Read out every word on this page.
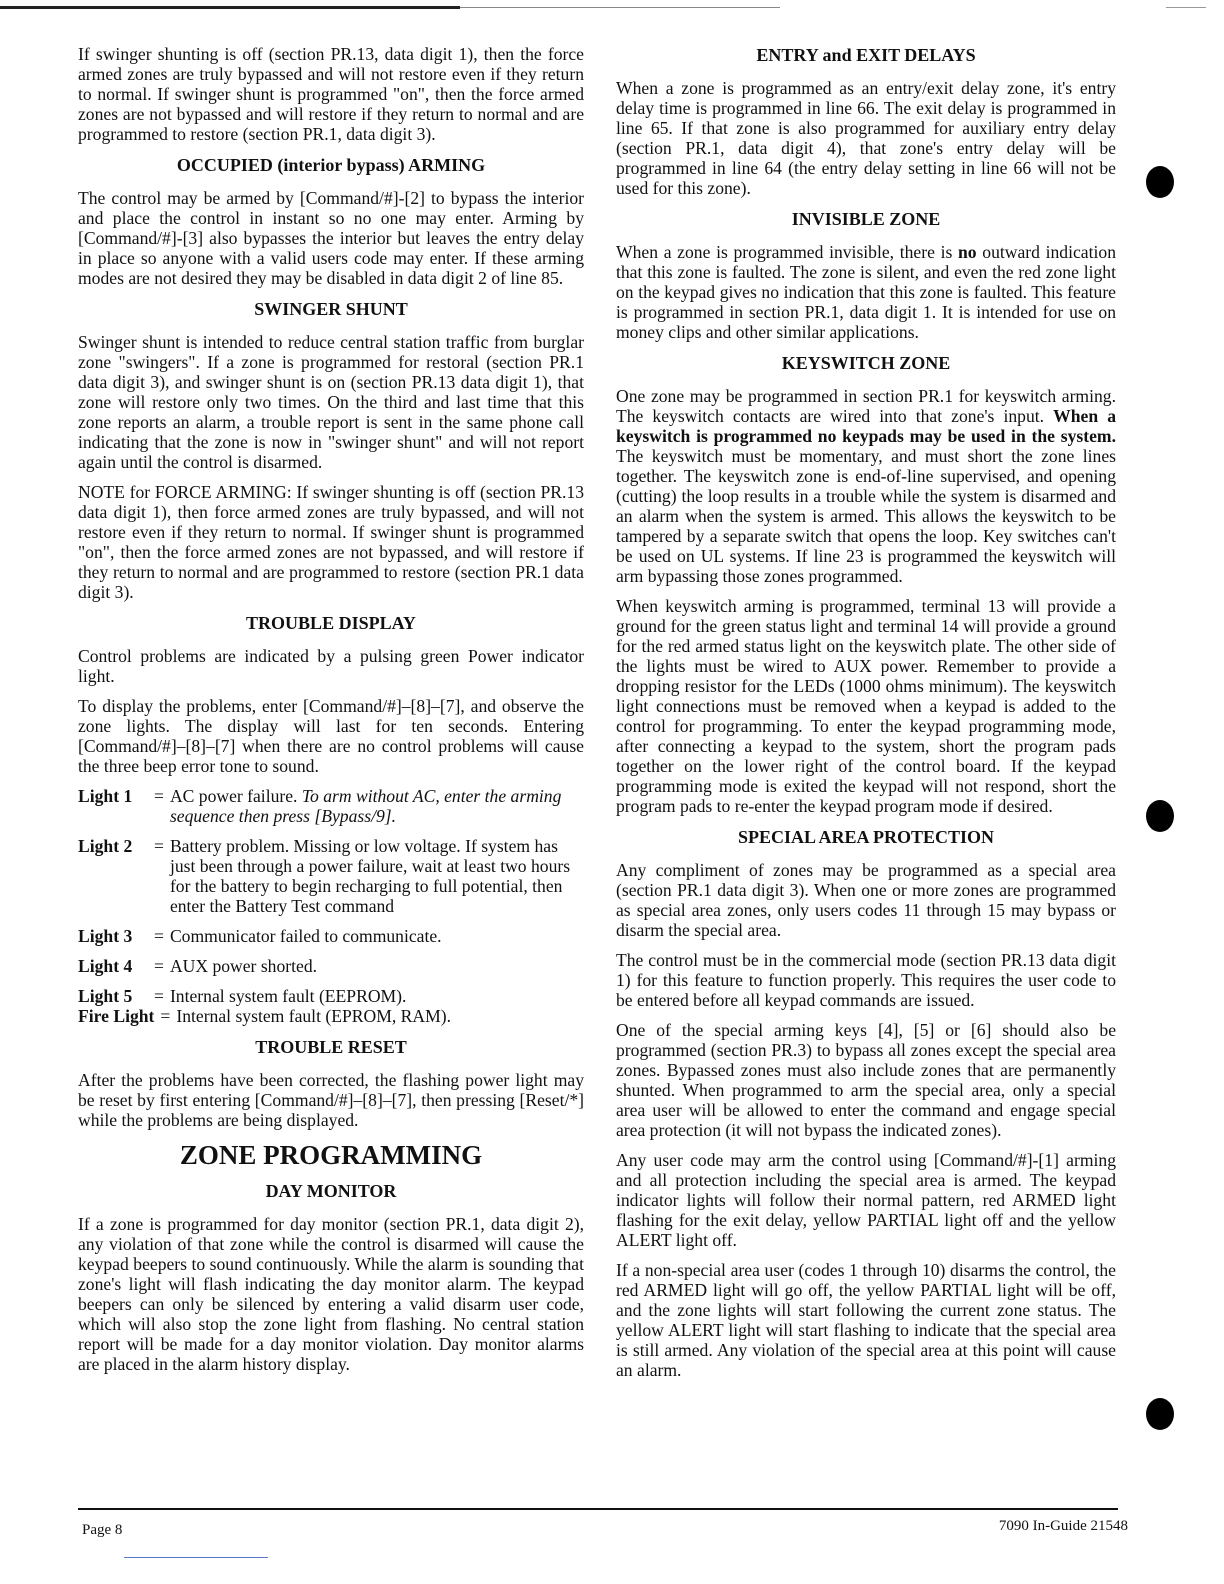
If swinger shunting is off (section PR.13, data digit 1), then the force armed zones are truly bypassed and will not restore even if they return to normal. If swinger shunt is programmed "on", then the force armed zones are not bypassed and will restore if they return to normal and are programmed to restore (section PR.1, data digit 3).

OCCUPIED (interior bypass) ARMING

The control may be armed by [Command/#]-[2] to bypass the interior and place the control in instant so no one may enter. Arming by [Command/#]-[3] also bypasses the interior but leaves the entry delay in place so anyone with a valid users code may enter. If these arming modes are not desired they may be disabled in data digit 2 of line 85.

SWINGER SHUNT

Swinger shunt is intended to reduce central station traffic from burglar zone "swingers". If a zone is programmed for restoral (section PR.1 data digit 3), and swinger shunt is on (section PR.13 data digit 1), that zone will restore only two times. On the third and last time that this zone reports an alarm, a trouble report is sent in the same phone call indicating that the zone is now in "swinger shunt" and will not report again until the control is disarmed.

NOTE for FORCE ARMING: If swinger shunting is off (section PR.13 data digit 1), then force armed zones are truly bypassed, and will not restore even if they return to normal. If swinger shunt is programmed "on", then the force armed zones are not bypassed, and will restore if they return to normal and are programmed to restore (section PR.1 data digit 3).

TROUBLE DISPLAY

Control problems are indicated by a pulsing green Power indicator light.

To display the problems, enter [Command/#]–[8]–[7], and observe the zone lights. The display will last for ten seconds. Entering [Command/#]–[8]–[7] when there are no control problems will cause the three beep error tone to sound.

Light 1	= AC power failure. To arm without AC, enter the arming sequence then press [Bypass/9].
Light 2	= Battery problem. Missing or low voltage. If system has just been through a power failure, wait at least two hours for the battery to begin recharging to full potential, then enter the Battery Test command
Light 3	= Communicator failed to communicate.
Light 4	= AUX power shorted.
Light 5	= Internal system fault (EEPROM).
Fire Light = Internal system fault (EPROM, RAM).
TROUBLE RESET

After the problems have been corrected, the flashing power light may be reset by first entering [Command/#]–[8]–[7], then pressing [Reset/*] while the problems are being displayed.

ZONE PROGRAMMING
DAY MONITOR

If a zone is programmed for day monitor (section PR.1, data digit 2), any violation of that zone while the control is disarmed will cause the keypad beepers to sound continuously. While the alarm is sounding that zone's light will flash indicating the day monitor alarm. The keypad beepers can only be silenced by entering a valid disarm user code, which will also stop the zone light from flashing. No central station report will be made for a day monitor violation. Day monitor alarms are placed in the alarm history display.

ENTRY and EXIT DELAYS

When a zone is programmed as an entry/exit delay zone, it's entry delay time is programmed in line 66. The exit delay is programmed in line 65. If that zone is also programmed for auxiliary entry delay (section PR.1, data digit 4), that zone's entry delay will be programmed in line 64 (the entry delay setting in line 66 will not be used for this zone).

INVISIBLE ZONE

When a zone is programmed invisible, there is no outward indication that this zone is faulted. The zone is silent, and even the red zone light on the keypad gives no indication that this zone is faulted. This feature is programmed in section PR.1, data digit 1. It is intended for use on money clips and other similar applications.

KEYSWITCH ZONE

One zone may be programmed in section PR.1 for keyswitch arming. The keyswitch contacts are wired into that zone's input. When a keyswitch is programmed no keypads may be used in the system. The keyswitch must be momentary, and must short the zone lines together. The keyswitch zone is end-of-line supervised, and opening (cutting) the loop results in a trouble while the system is disarmed and an alarm when the system is armed. This allows the keyswitch to be tampered by a separate switch that opens the loop. Key switches can't be used on UL systems. If line 23 is programmed the keyswitch will arm bypassing those zones programmed.

When keyswitch arming is programmed, terminal 13 will provide a ground for the green status light and terminal 14 will provide a ground for the red armed status light on the keyswitch plate. The other side of the lights must be wired to AUX power. Remember to provide a dropping resistor for the LEDs (1000 ohms minimum). The keyswitch light connections must be removed when a keypad is added to the control for programming. To enter the keypad programming mode, after connecting a keypad to the system, short the program pads together on the lower right of the control board. If the keypad programming mode is exited the keypad will not respond, short the program pads to re-enter the keypad program mode if desired.

SPECIAL AREA PROTECTION

Any compliment of zones may be programmed as a special area (section PR.1 data digit 3). When one or more zones are programmed as special area zones, only users codes 11 through 15 may bypass or disarm the special area.

The control must be in the commercial mode (section PR.13 data digit 1) for this feature to function properly. This requires the user code to be entered before all keypad commands are issued.

One of the special arming keys [4], [5] or [6] should also be programmed (section PR.3) to bypass all zones except the special area zones. Bypassed zones must also include zones that are permanently shunted. When programmed to arm the special area, only a special area user will be allowed to enter the command and engage special area protection (it will not bypass the indicated zones).

Any user code may arm the control using [Command/#]-[1] arming and all protection including the special area is armed. The keypad indicator lights will follow their normal pattern, red ARMED light flashing for the exit delay, yellow PARTIAL light off and the yellow ALERT light off.

If a non-special area user (codes 1 through 10) disarms the control, the red ARMED light will go off, the yellow PARTIAL light will be off, and the zone lights will start following the current zone status. The yellow ALERT light will start flashing to indicate that the special area is still armed. Any violation of the special area at this point will cause an alarm.

Page 8	7090 In-Guide 21548
